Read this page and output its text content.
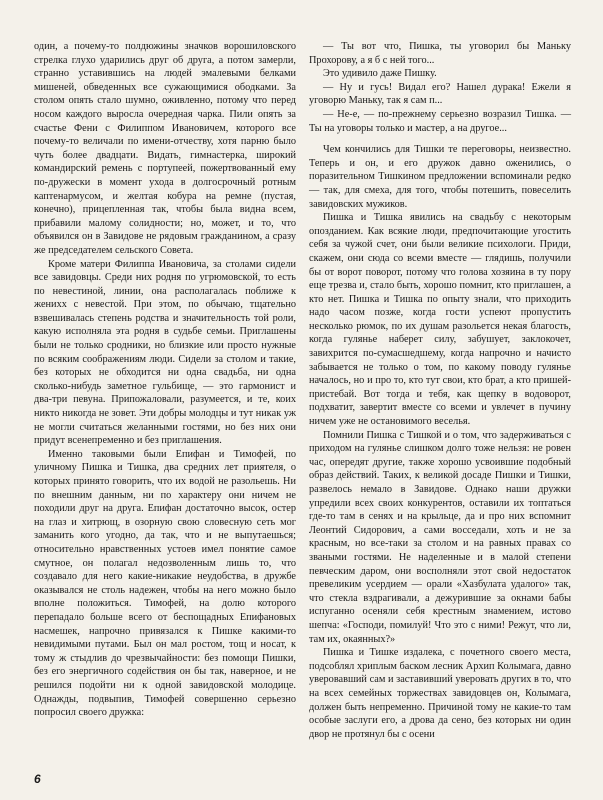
один, а почему-то полдюжины значков ворошиловского стрелка глухо ударились друг об друга, а потом замерли, странно уставившись на людей эмалевыми белками мишеней, обведенных все сужающимися ободками. За столом опять стало шумно, оживленно, потому что перед носом каждого выросла очередная чарка. Пили опять за счастье Фени с Филиппом Ивановичем, которого все почему-то величали по имени-отчеству, хотя парню было чуть более двадцати. Видать, гимнастерка, широкий командирский ремень с портупеей, пожертвованный ему по-дружески в момент ухода в долгосрочный ротным каптенармусом, и желтая кобура на ремне (пустая, конечно), прицепленная так, чтобы была видна всем, прибавили малому солидности; но, может, и то, что объявился он в Завидове не рядовым гражданином, а сразу же председателем сельского Совета.

Кроме матери Филиппа Ивановича, за столами сидели все завидовцы. Среди них родня по угрюмовской, то есть по невестиной, линии, она располагалась поближе к женихх с невестой. При этом, по обычаю, тщательно взвешивалась степень родства и значительность той роли, какую исполняла эта родня в судьбе семьи. Приглашены были не только сродники, но близкие или просто нужные по всяким соображениям люди. Сидели за столом и такие, без которых не обходится ни одна свадьба, ни одна сколько-нибудь заметное гульбище, — это гармонист и два-три певуна. Припожаловали, разумеется, и те, коих никто никогда не зовет. Эти добры молодцы и тут никак уж не могли считаться желанными гостями, но без них они придут всенепременно и без приглашения.

Именно таковыми были Епифан и Тимофей, по уличному Пишка и Тишка, два средних лет приятеля, о которых принято говорить, что их водой не разольешь. Ни по внешним данным, ни по характеру они ничем не походили друг на друга. Епифан достаточно высок, остер на глаз и хитрющ, в озорную свою словесную сеть мог заманить кого угодно, да так, что и не выпутаешься; относительно нравственных устоев имел понятие самое смутное, он полагал недозволенным лишь то, что создавало для него какие-никакие неудобства, в дружбе оказывался не столь надежен, чтобы на него можно было вполне положиться. Тимофей, на долю которого перепадало больше всего от беспощадных Епифановых насмешек, напрочно привязался к Пишке какими-то невидимыми путами. Был он мал ростом, тощ и носат, к тому ж стыдлив до чрезвычайности: без помощи Пишки, без его энергичного содействия он бы так, наверное, и не решился подойти ни к одной завидовской молодице. Однажды, подвыпив, Тимофей совершенно серьезно попросил своего дружка:

— Ты вот что, Пишка, ты уговорил бы Маньку Прохорову, а я б с ней того...

Это удивило даже Пишку.

— Ну и гусь! Видал его? Нашел дурака! Ежели я уговорю Маньку, так я сам п...

— Не-е, — по-прежнему серьезно возразил Тишка. — Ты на уговоры только и мастер, а на другое...

Чем кончились для Тишки те переговоры, неизвестно. Теперь и он, и его дружок давно оженились, о поразительном Тишкином предложении вспоминали редко — так, для смеха, для того, чтобы потешить, повеселить завидовских мужиков.

Пишка и Тишка явились на свадьбу с некоторым опозданием. Как всякие люди, предпочитающие угостить себя за чужой счет, они были великие психологи. Приди, скажем, они сюда со всеми вместе — глядишь, получили бы от ворот поворот, потому что голова хозяина в ту пору еще трезва и, стало быть, хорошо помнит, кто приглашен, а кто нет. Пишка и Тишка по опыту знали, что приходить надо часом позже, когда гости успеют пропустить несколько рюмок, по их душам разольется некая благость, когда гулянье наберет силу, забушует, заклокочет, завихрится по-сумасшедшему, когда напрочно и начисто забывается не только о том, по какому поводу гулянье началось, но и про то, кто тут свои, кто брат, а кто пришей-пристебай. Вот тогда и тебя, как щепку в водоворот, подхватит, завертит вместе со всеми и увлечет в пучину ничем уже не остановимого веселья.

Помнили Пишка с Тишкой и о том, что задерживаться с приходом на гулянье слишком долго тоже нельзя: не ровен час, опередят другие, также хорошо усвоившие подобный образ действий. Таких, к великой досаде Пишки и Тишки, развелось немало в Завидове. Однако наши дружки упредили всех своих конкурентов, оставили их топтаться где-то там в сенях и на крыльце, да и про них вспомнит Леонтий Сидорович, а сами восседали, хоть и не за красным, но все-таки за столом и на равных правах со зваными гостями. Не наделенные и в малой степени певческим даром, они восполняли этот свой недостаток превеликим усердием — орали «Хазбулата удалого» так, что стекла вздрагивали, а дежурившие за окнами бабы испуганно осеняли себя крестным знамением, истово шепча: «Господи, помилуй! Что это с ними! Режут, что ли, там их, окаянных?»

Пишка и Тишке издалека, с почетного своего места, подсоблял хриплым баском лесник Архип Колымага, давно уверовавший сам и заставивший уверовать других в то, что на всех семейных торжествах завидовцев он, Колымага, должен быть непременно. Причиной тому не какие-то там особые заслуги его, а дрова да сено, без которых ни один двор не протянул бы с осени

6
